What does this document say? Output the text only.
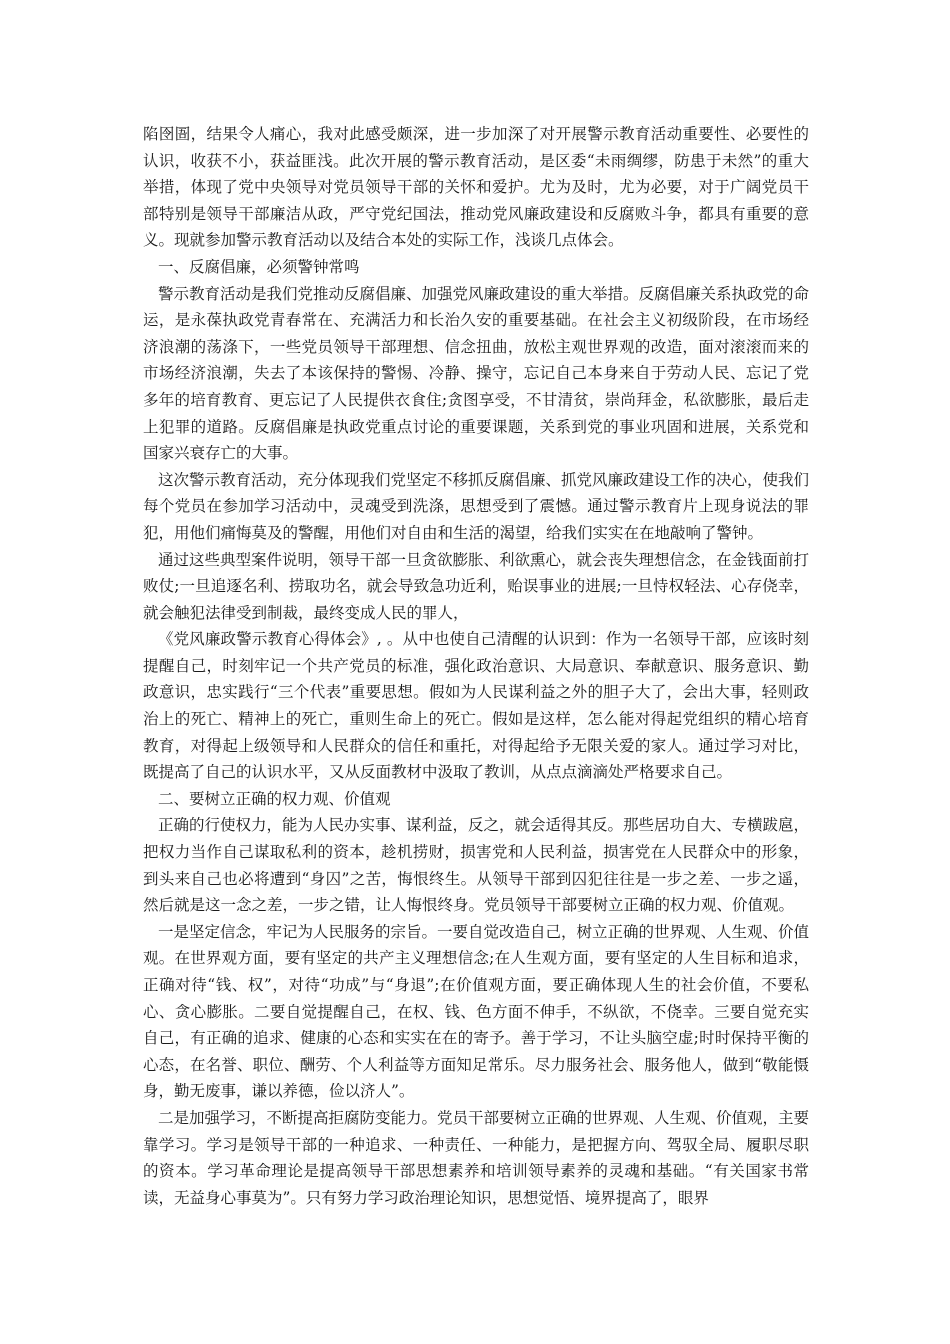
陷囹圄，结果令人痛心，我对此感受颇深，进一步加深了对开展警示教育活动重要性、必要性的认识，收获不小，获益匪浅。此次开展的警示教育活动，是区委“未雨绸缪，防患于未然”的重大举措，体现了党中央领导对党员领导干部的关怀和爱护。尤为及时，尤为必要，对于广阔党员干部特别是领导干部廉洁从政，严守党纪国法，推动党风廉政建设和反腐败斗争，都具有重要的意义。现就参加警示教育活动以及结合本处的实际工作，浅谈几点体会。

一、反腐倡廉，必须警钟常鸣

警示教育活动是我们党推动反腐倡廉、加强党风廉政建设的重大举措。反腐倡廉关系执政党的命运，是永葆执政党青春常在、充满活力和长治久安的重要基础。在社会主义初级阶段，在市场经济浪潮的荡涤下，一些党员领导干部理想、信念扭曲，放松主观世界观的改造，面对滚滚而来的市场经济浪潮，失去了本该保持的警惕、冷静、操守，忘记自己本身来自于劳动人民、忘记了党多年的培育教育、更忘记了人民提供衣食住;贪图享受，不甘清贫，崇尚拜金，私欲膨胀，最后走上犯罪的道路。反腐倡廉是执政党重点讨论的重要课题，关系到党的事业巩固和进展，关系党和国家兴衰存亡的大事。

这次警示教育活动，充分体现我们党坚定不移抓反腐倡廉、抓党风廉政建设工作的决心，使我们每个党员在参加学习活动中，灵魂受到洗涤，思想受到了震憾。通过警示教育片上现身说法的罪犯，用他们痛悔莫及的警醒，用他们对自由和生活的渴望，给我们实实在在地敲响了警钟。

通过这些典型案件说明，领导干部一旦贪欲膨胀、利欲熏心，就会丧失理想信念，在金钱面前打败仗;一旦追逐名利、捞取功名，就会导致急功近利，贻误事业的进展;一旦恃权轻法、心存侥幸，就会触犯法律受到制裁，最终变成人民的罪人，

《党风廉政警示教育心得体会》, 。从中也使自己清醒的认识到：作为一名领导干部，应该时刻提醒自己，时刻牢记一个共产党员的标准，强化政治意识、大局意识、奉献意识、服务意识、勤政意识，忠实践行“三个代表”重要思想。假如为人民谋利益之外的胆子大了，会出大事，轻则政治上的死亡、精神上的死亡，重则生命上的死亡。假如是这样，怎么能对得起党组织的精心培育教育，对得起上级领导和人民群众的信任和重托，对得起给予无限关爱的家人。通过学习对比，既提高了自己的认识水平，又从反面教材中汲取了教训，从点点滴滴处严格要求自己。

二、要树立正确的权力观、价值观

正确的行使权力，能为人民办实事、谋利益，反之，就会适得其反。那些居功自大、专横跋扈，把权力当作自己谋取私利的资本，趁机捞财，损害党和人民利益，损害党在人民群众中的形象，到头来自己也必将遭到“身囚”之苦，悔恨终生。从领导干部到囚犯往往是一步之差、一步之遥，然后就是这一念之差，一步之错，让人悔恨终身。党员领导干部要树立正确的权力观、价值观。

一是坚定信念，牢记为人民服务的宗旨。一要自觉改造自己，树立正确的世界观、人生观、价值观。在世界观方面，要有坚定的共产主义理想信念;在人生观方面，要有坚定的人生目标和追求，正确对待“钱、权”，对待“功成”与“身退”;在价值观方面，要正确体现人生的社会价值，不要私心、贪心膨胀。二要自觉提醒自己，在权、钱、色方面不伸手，不纵欲，不侥幸。三要自觉充实自己，有正确的追求、健康的心态和实实在在的寄予。善于学习，不让头脑空虚;时时保持平衡的心态，在名誉、职位、酬劳、个人利益等方面知足常乐。尽力服务社会、服务他人，做到“敬能慑身，勤无废事，谦以养德，俭以济人”。

二是加强学习，不断提高拒腐防变能力。党员干部要树立正确的世界观、人生观、价值观，主要靠学习。学习是领导干部的一种追求、一种责任、一种能力，是把握方向、驾驭全局、履职尽职的资本。学习革命理论是提高领导干部思想素养和培训领导素养的灵魂和基础。“有关国家书常读，无益身心事莫为”。只有努力学习政治理论知识，思想觉悟、境界提高了，眼界
